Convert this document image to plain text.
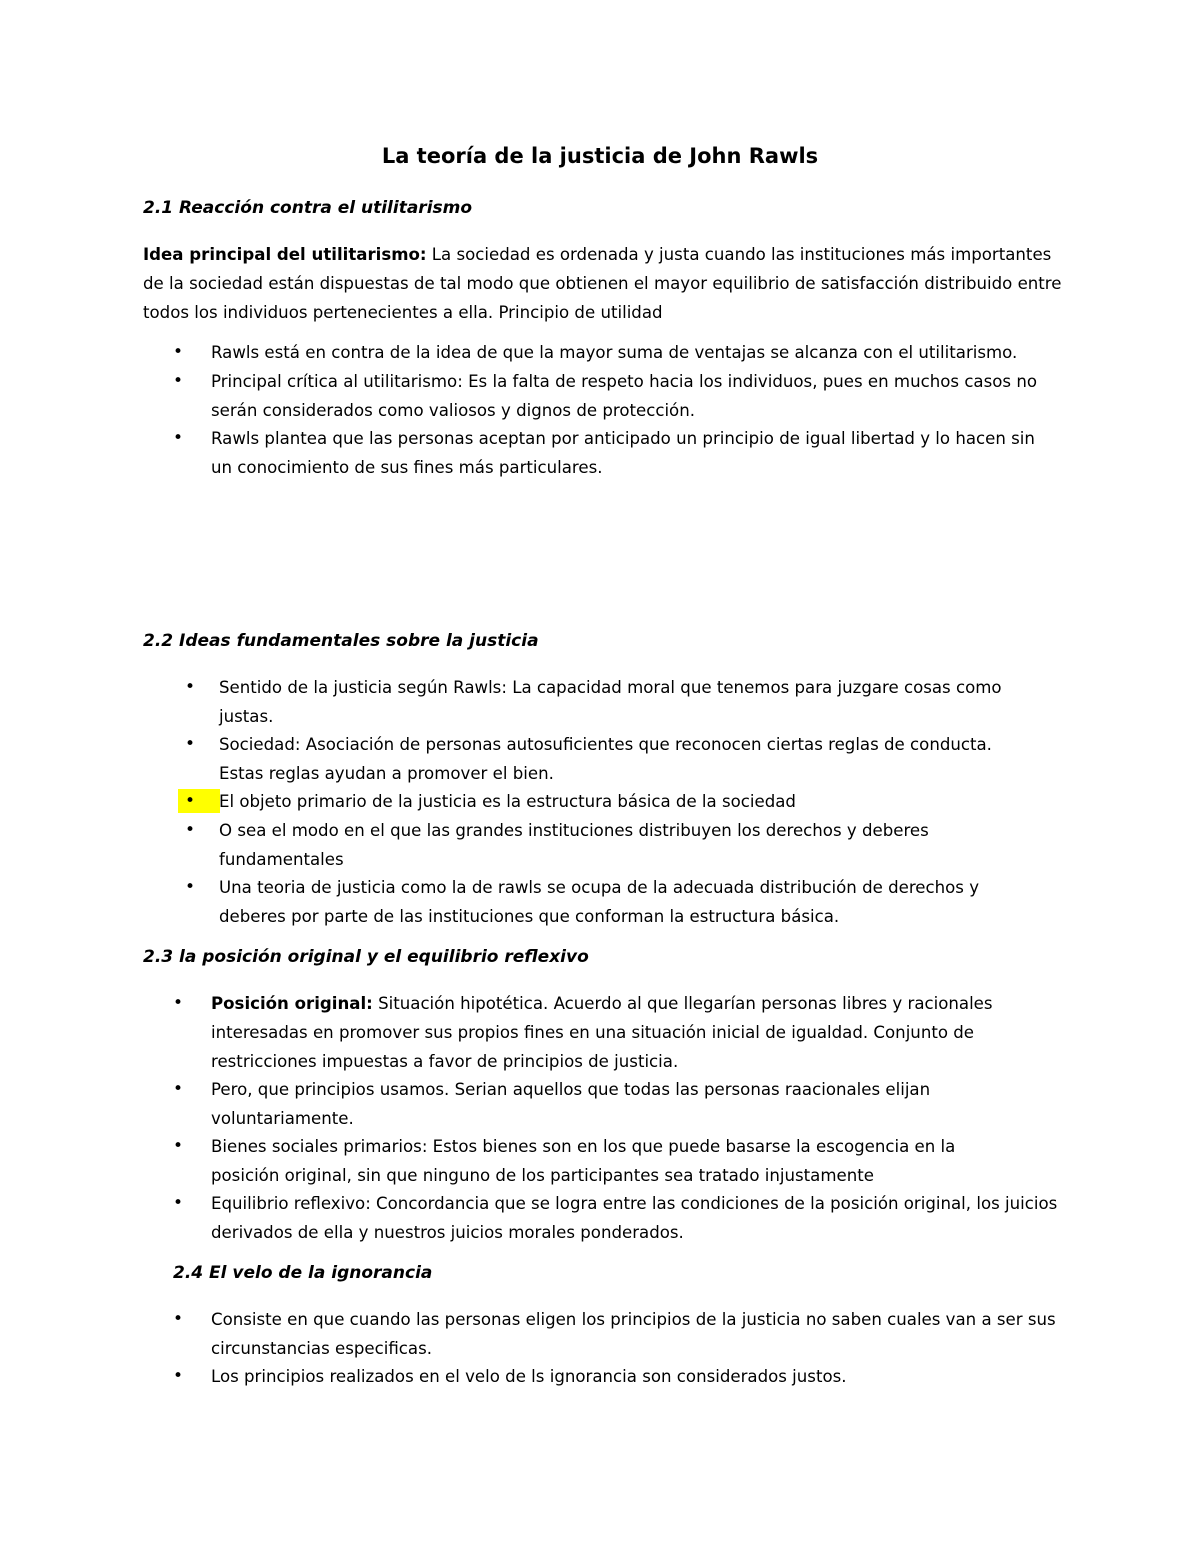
La teoría de la justicia de John Rawls
2.1 Reacción contra el utilitarismo

Idea principal del utilitarismo: La sociedad es ordenada y justa cuando las instituciones más importantes de la sociedad están dispuestas de tal modo que obtienen el mayor equilibrio de satisfacción distribuido entre todos los individuos pertenecientes a ella. Principio de utilidad

• Rawls está en contra de la idea de que la mayor suma de ventajas se alcanza con el utilitarismo.
• Principal crítica al utilitarismo: Es la falta de respeto hacia los individuos, pues en muchos casos no serán considerados como valiosos y dignos de protección.
• Rawls plantea que las personas aceptan por anticipado un principio de igual libertad y lo hacen sin un conocimiento de sus fines más particulares.
2.2 Ideas fundamentales sobre la justicia
• Sentido de la justicia según Rawls: La capacidad moral que tenemos para juzgare cosas como justas.
• Sociedad: Asociación de personas autosuficientes que reconocen ciertas reglas de conducta. Estas reglas ayudan a promover el bien.
• El objeto primario de la justicia es la estructura básica de la sociedad
• O sea el modo en el que las grandes instituciones distribuyen los derechos y deberes fundamentales
• Una teoria de justicia como la de rawls se ocupa de la adecuada distribución de derechos y deberes por parte de las instituciones que conforman la estructura básica.
2.3 la posición original y el equilibrio reflexivo
• Posición original: Situación hipotética. Acuerdo al que llegarían personas libres y racionales interesadas en promover sus propios fines en una situación inicial de igualdad. Conjunto de restricciones impuestas a favor de principios de justicia.
• Pero, que principios usamos. Serian aquellos que todas las personas raacionales elijan voluntariamente.
• Bienes sociales primarios: Estos bienes son en los que puede basarse la escogencia en la posición original, sin que ninguno de los participantes sea tratado injustamente
• Equilibrio reflexivo: Concordancia que se logra entre las condiciones de la posición original, los juicios derivados de ella y nuestros juicios morales ponderados.
2.4 El velo de la ignorancia
• Consiste en que cuando las personas eligen los principios de la justicia no saben cuales van a ser sus circunstancias especificas.
• Los principios realizados en el velo de ls ignorancia son considerados justos.
